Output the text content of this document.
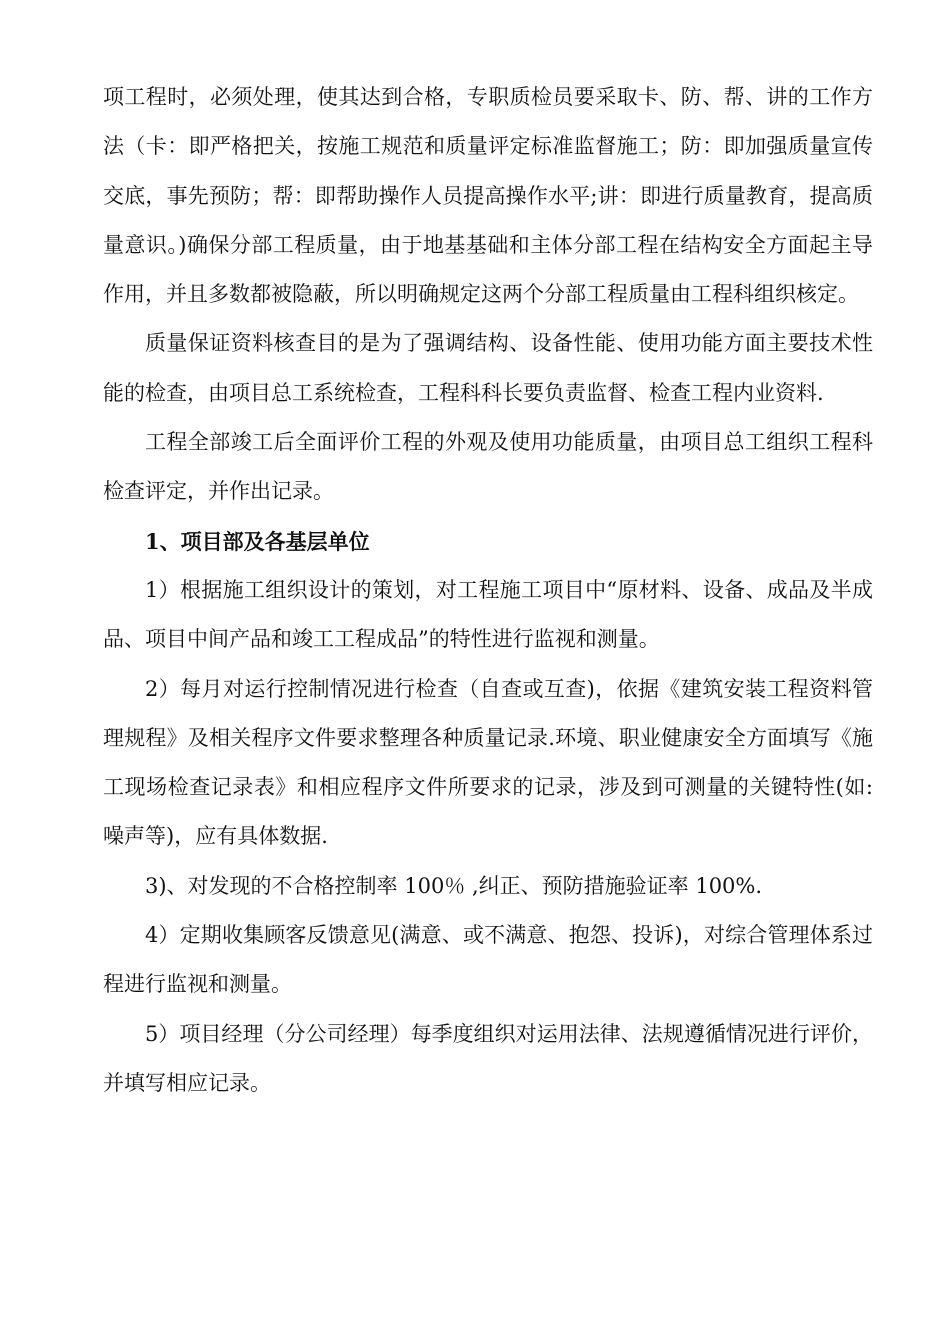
项工程时，必须处理，使其达到合格，专职质检员要采取卡、防、帮、讲的工作方法（卡：即严格把关，按施工规范和质量评定标准监督施工；防：即加强质量宣传交底，事先预防；帮：即帮助操作人员提高操作水平;讲：即进行质量教育，提高质量意识。)确保分部工程质量，由于地基基础和主体分部工程在结构安全方面起主导作用，并且多数都被隐蔽，所以明确规定这两个分部工程质量由工程科组织核定。

质量保证资料核查目的是为了强调结构、设备性能、使用功能方面主要技术性能的检查，由项目总工系统检查，工程科科长要负责监督、检查工程内业资料.

工程全部竣工后全面评价工程的外观及使用功能质量，由项目总工组织工程科检查评定，并作出记录。

1、项目部及各基层单位

1）根据施工组织设计的策划，对工程施工项目中“原材料、设备、成品及半成品、项目中间产品和竣工工程成品”的特性进行监视和测量。

2）每月对运行控制情况进行检查（自查或互查)，依据《建筑安装工程资料管理规程》及相关程序文件要求整理各种质量记录.环境、职业健康安全方面填写《施工现场检查记录表》和相应程序文件所要求的记录，涉及到可测量的关键特性(如:噪声等)，应有具体数据.

3)、对发现的不合格控制率 100％ ,纠正、预防措施验证率 100%.

4）定期收集顾客反馈意见(满意、或不满意、抱怨、投诉)，对综合管理体系过程进行监视和测量。

5）项目经理（分公司经理）每季度组织对运用法律、法规遵循情况进行评价，并填写相应记录。
